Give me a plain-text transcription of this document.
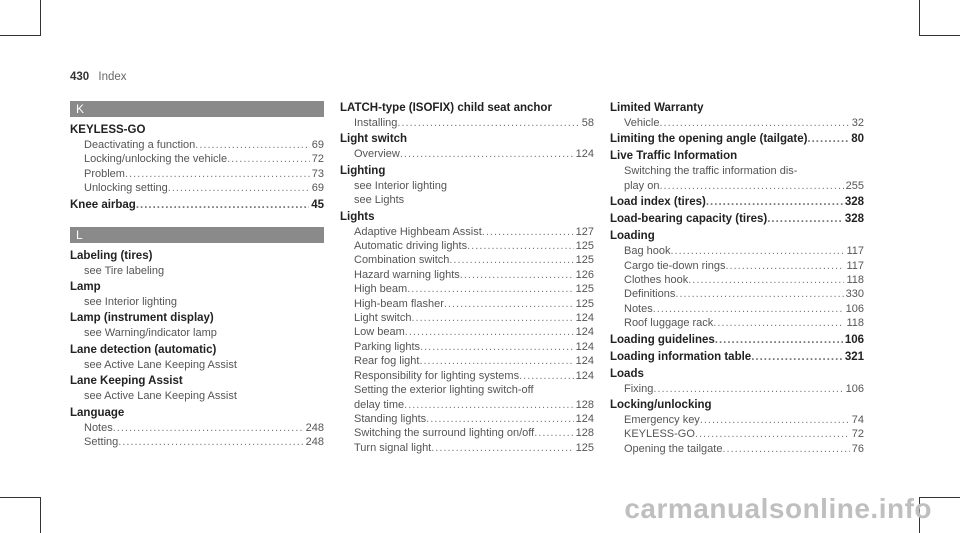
430 Index
K
KEYLESS-GO
Deactivating a function .....	69
Locking/unlocking the vehicle .....	72
Problem .....	73
Unlocking setting .....	69
Knee airbag .....	45
L
Labeling (tires)
see Tire labeling
Lamp
see Interior lighting
Lamp (instrument display)
see Warning/indicator lamp
Lane detection (automatic)
see Active Lane Keeping Assist
Lane Keeping Assist
see Active Lane Keeping Assist
Language
Notes .....	248
Setting .....	248
LATCH-type (ISOFIX) child seat anchor
Installing .....	58
Light switch
Overview .....	124
Lighting
see Interior lighting
see Lights
Lights
Adaptive Highbeam Assist .....	127
Automatic driving lights .....	125
Combination switch .....	125
Hazard warning lights .....	126
High beam .....	125
High-beam flasher .....	125
Light switch .....	124
Low beam .....	124
Parking lights .....	124
Rear fog light .....	124
Responsibility for lighting systems .....	124
Setting the exterior lighting switch-off
delay time .....	128
Standing lights .....	124
Switching the surround lighting on/off .....	128
Turn signal light .....	125
Limited Warranty
Vehicle .....	32
Limiting the opening angle (tailgate) .....	80
Live Traffic Information
Switching the traffic information dis-
play on .....	255
Load index (tires) .....	328
Load-bearing capacity (tires) .....	328
Loading
Bag hook .....	117
Cargo tie-down rings .....	117
Clothes hook .....	118
Definitions .....	330
Notes .....	106
Roof luggage rack .....	118
Loading guidelines .....	106
Loading information table .....	321
Loads
Fixing .....	106
Locking/unlocking
Emergency key .....	74
KEYLESS-GO .....	72
Opening the tailgate .....	76
carmanualsonline.info
